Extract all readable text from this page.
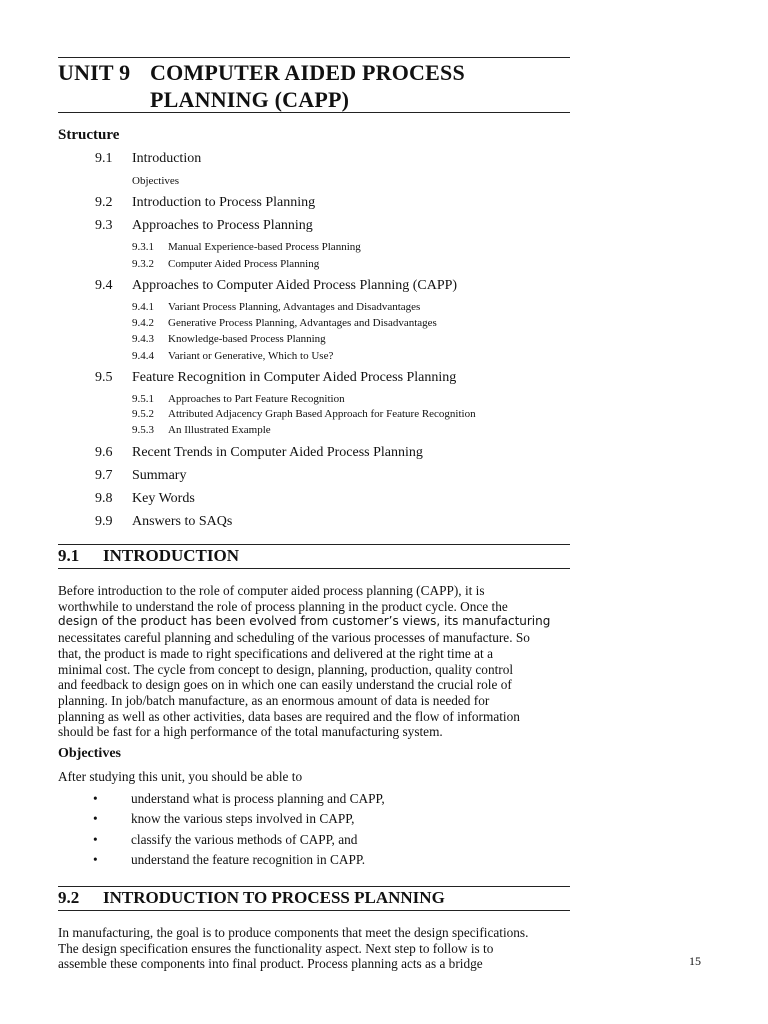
UNIT 9 COMPUTER AIDED PROCESS
PLANNING (CAPP)
Structure
9.1 Introduction
Objectives
9.2 Introduction to Process Planning
9.3 Approaches to Process Planning
9.3.1 Manual Experience-based Process Planning
9.3.2 Computer Aided Process Planning
9.4 Approaches to Computer Aided Process Planning (CAPP)
9.4.1 Variant Process Planning, Advantages and Disadvantages
9.4.2 Generative Process Planning, Advantages and Disadvantages
9.4.3 Knowledge-based Process Planning
9.4.4 Variant or Generative, Which to Use?
9.5 Feature Recognition in Computer Aided Process Planning
9.5.1 Approaches to Part Feature Recognition
9.5.2 Attributed Adjacency Graph Based Approach for Feature Recognition
9.5.3 An Illustrated Example
9.6 Recent Trends in Computer Aided Process Planning
9.7 Summary
9.8 Key Words
9.9 Answers to SAQs
9.1 INTRODUCTION
Before introduction to the role of computer aided process planning (CAPP), it is
worthwhile to understand the role of process planning in the product cycle. Once the
design of the product has been evolved from customer’s views, its manufacturing
necessitates careful planning and scheduling of the various processes of manufacture. So
that, the product is made to right specifications and delivered at the right time at a
minimal cost. The cycle from concept to design, planning, production, quality control
and feedback to design goes on in which one can easily understand the crucial role of
planning. In job/batch manufacture, as an enormous amount of data is needed for
planning as well as other activities, data bases are required and the flow of information
should be fast for a high performance of the total manufacturing system.
Objectives
After studying this unit, you should be able to
•	understand what is process planning and CAPP,
•	know the various steps involved in CAPP,
•	classify the various methods of CAPP, and
•	understand the feature recognition in CAPP.
9.2 INTRODUCTION TO PROCESS PLANNING
In manufacturing, the goal is to produce components that meet the design specifications.
The design specification ensures the functionality aspect. Next step to follow is to
assemble these components into final product. Process planning acts as a bridge	15
